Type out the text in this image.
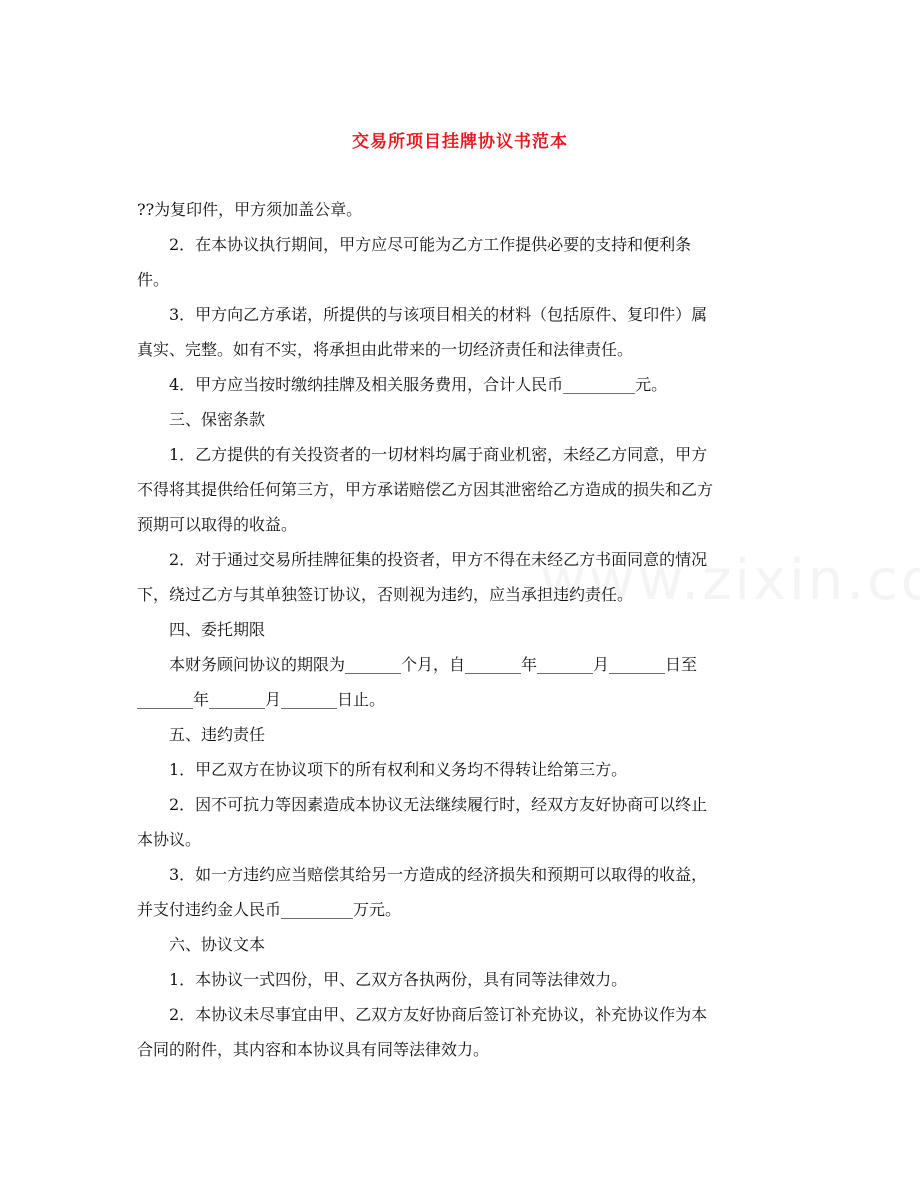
交易所项目挂牌协议书范本
??为复印件，甲方须加盖公章。
2．在本协议执行期间，甲方应尽可能为乙方工作提供必要的支持和便利条
件。
3．甲方向乙方承诺，所提供的与该项目相关的材料（包括原件、复印件）属
真实、完整。如有不实，将承担由此带来的一切经济责任和法律责任。
4．甲方应当按时缴纳挂牌及相关服务费用，合计人民币_________元。
三、保密条款
1．乙方提供的有关投资者的一切材料均属于商业机密，未经乙方同意，甲方
不得将其提供给任何第三方，甲方承诺赔偿乙方因其泄密给乙方造成的损失和乙方
预期可以取得的收益。
2．对于通过交易所挂牌征集的投资者，甲方不得在未经乙方书面同意的情况
下，绕过乙方与其单独签订协议，否则视为违约，应当承担违约责任。
四、委托期限
本财务顾问协议的期限为_______个月，自_______年_______月_______日至
_______年_______月_______日止。
五、违约责任
1．甲乙双方在协议项下的所有权利和义务均不得转让给第三方。
2．因不可抗力等因素造成本协议无法继续履行时，经双方友好协商可以终止
本协议。
3．如一方违约应当赔偿其给另一方造成的经济损失和预期可以取得的收益，
并支付违约金人民币_________万元。
六、协议文本
1．本协议一式四份，甲、乙双方各执两份，具有同等法律效力。
2．本协议未尽事宜由甲、乙双方友好协商后签订补充协议，补充协议作为本
合同的附件，其内容和本协议具有同等法律效力。
